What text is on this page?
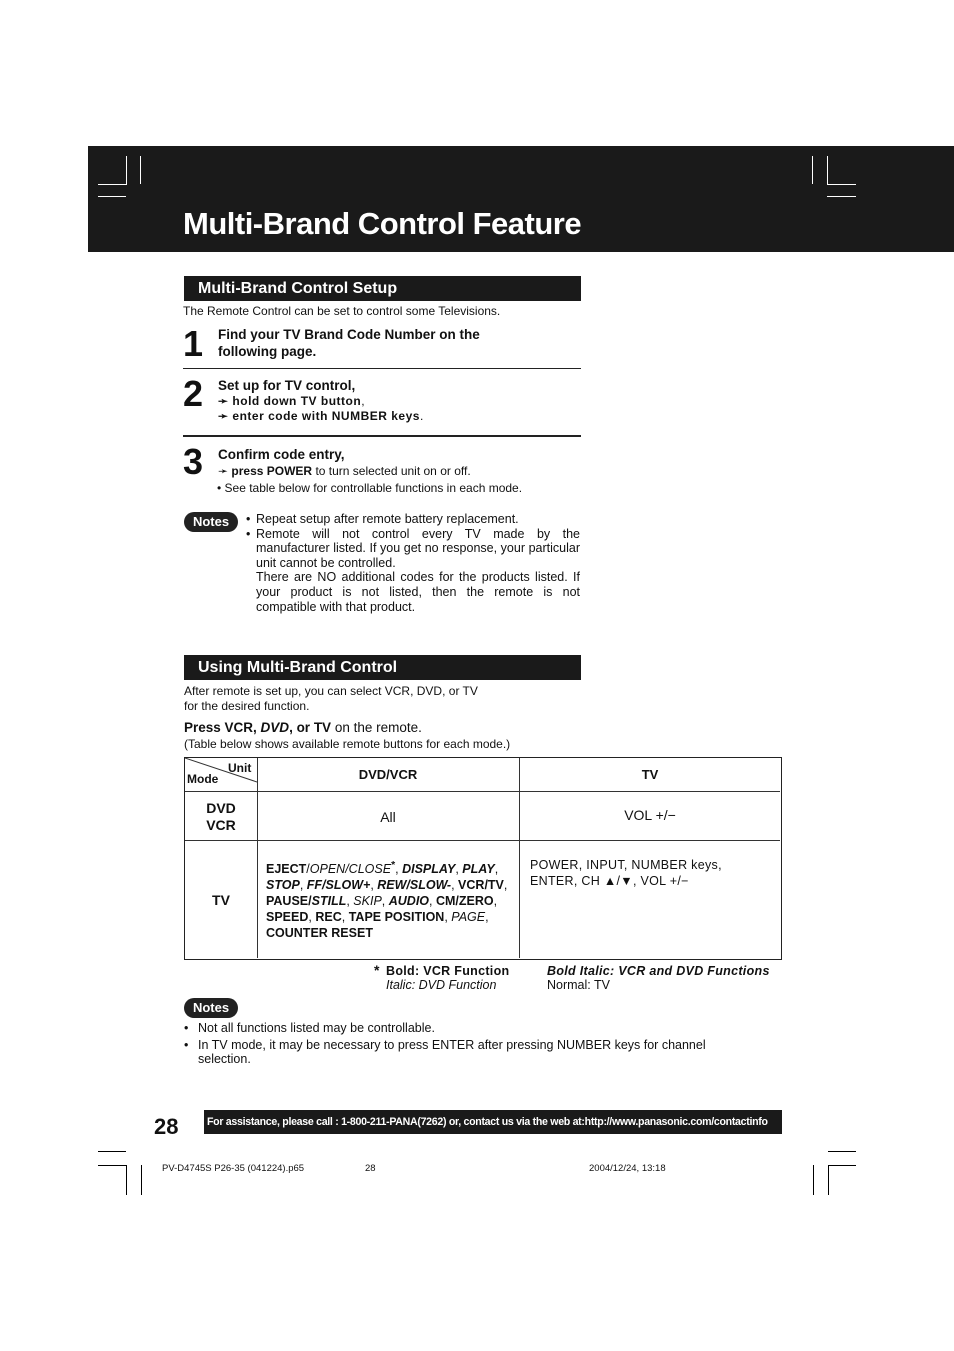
Multi-Brand Control Feature
Multi-Brand Control Setup
The Remote Control can be set to control some Televisions.
1 Find your TV Brand Code Number on the
following page.
2 Set up for TV control,
➛ hold down TV button,
➛ enter code with NUMBER keys.
3 Confirm code entry,
➛ press POWER to turn selected unit on or off.
• See table below for controllable functions in each mode.
Notes
•	Repeat setup after remote battery replacement.
• Remote will not control every TV made by the manufacturer listed. If you get no response, your particular unit cannot be controlled.
There are NO additional codes for the products listed. If your product is not listed, then the remote is not compatible with that product.
Using Multi-Brand Control
After remote is set up, you can select VCR, DVD, or TV
for the desired function.
Press VCR, DVD, or TV on the remote.
(Table below shows available remote buttons for each mode.)
Unit
Mode	DVD/VCR	TV
DVD
VCR	All	VOL +/−
TV
EJECT/OPEN/CLOSE*, DISPLAY, PLAY, STOP, FF/SLOW+, REW/SLOW-, VCR/TV, PAUSE/STILL, SKIP, AUDIO, CM/ZERO, SPEED, REC, TAPE POSITION, PAGE, COUNTER RESET
POWER, INPUT, NUMBER keys,
ENTER, CH ▲/▼, VOL +/−
* Bold: VCR Function
Italic: DVD Function
Bold Italic: VCR and DVD Functions
Normal: TV
Notes
• Not all functions listed may be controllable.
• In TV mode, it may be necessary to press ENTER after pressing NUMBER keys for channel selection.
28	For assistance, please call : 1-800-211-PANA(7262) or, contact us via the web at:http://www.panasonic.com/contactinfo
PV-D4745S P26-35 (041224).p65	28	2004/12/24, 13:18
